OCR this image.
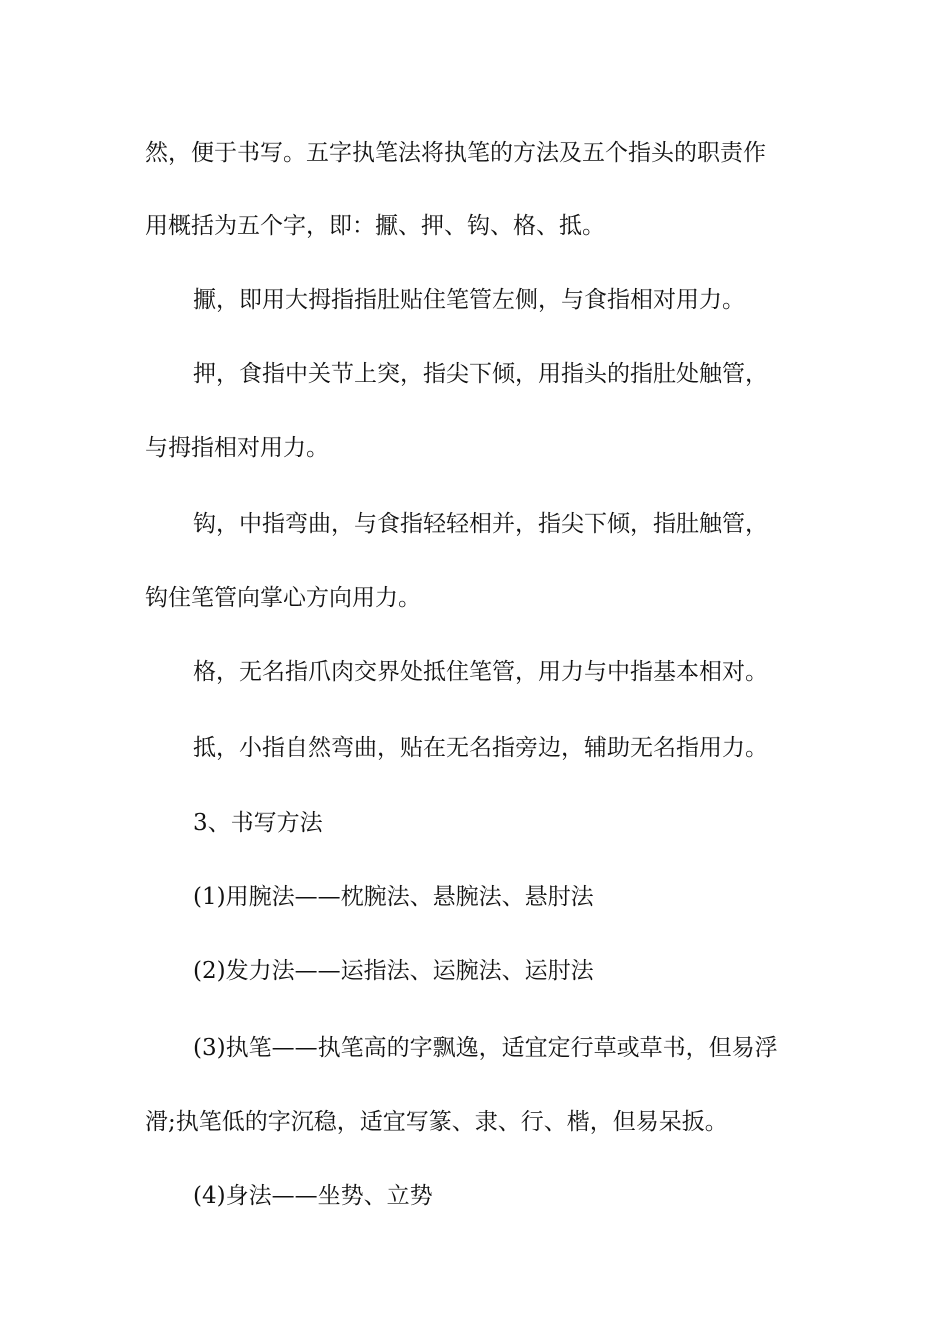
然，便于书写。五字执笔法将执笔的方法及五个指头的职责作
用概括为五个字，即：擫、押、钩、格、抵。
擫，即用大拇指指肚贴住笔管左侧，与食指相对用力。
押，食指中关节上突，指尖下倾，用指头的指肚处触管，
与拇指相对用力。
钩，中指弯曲，与食指轻轻相并，指尖下倾，指肚触管，
钩住笔管向掌心方向用力。
格，无名指爪肉交界处抵住笔管，用力与中指基本相对。
抵，小指自然弯曲，贴在无名指旁边，辅助无名指用力。
3、书写方法
(1)用腕法——枕腕法、悬腕法、悬肘法
(2)发力法——运指法、运腕法、运肘法
(3)执笔——执笔高的字飘逸，适宜定行草或草书，但易浮
滑;执笔低的字沉稳，适宜写篆、隶、行、楷，但易呆扳。
(4)身法——坐势、立势
